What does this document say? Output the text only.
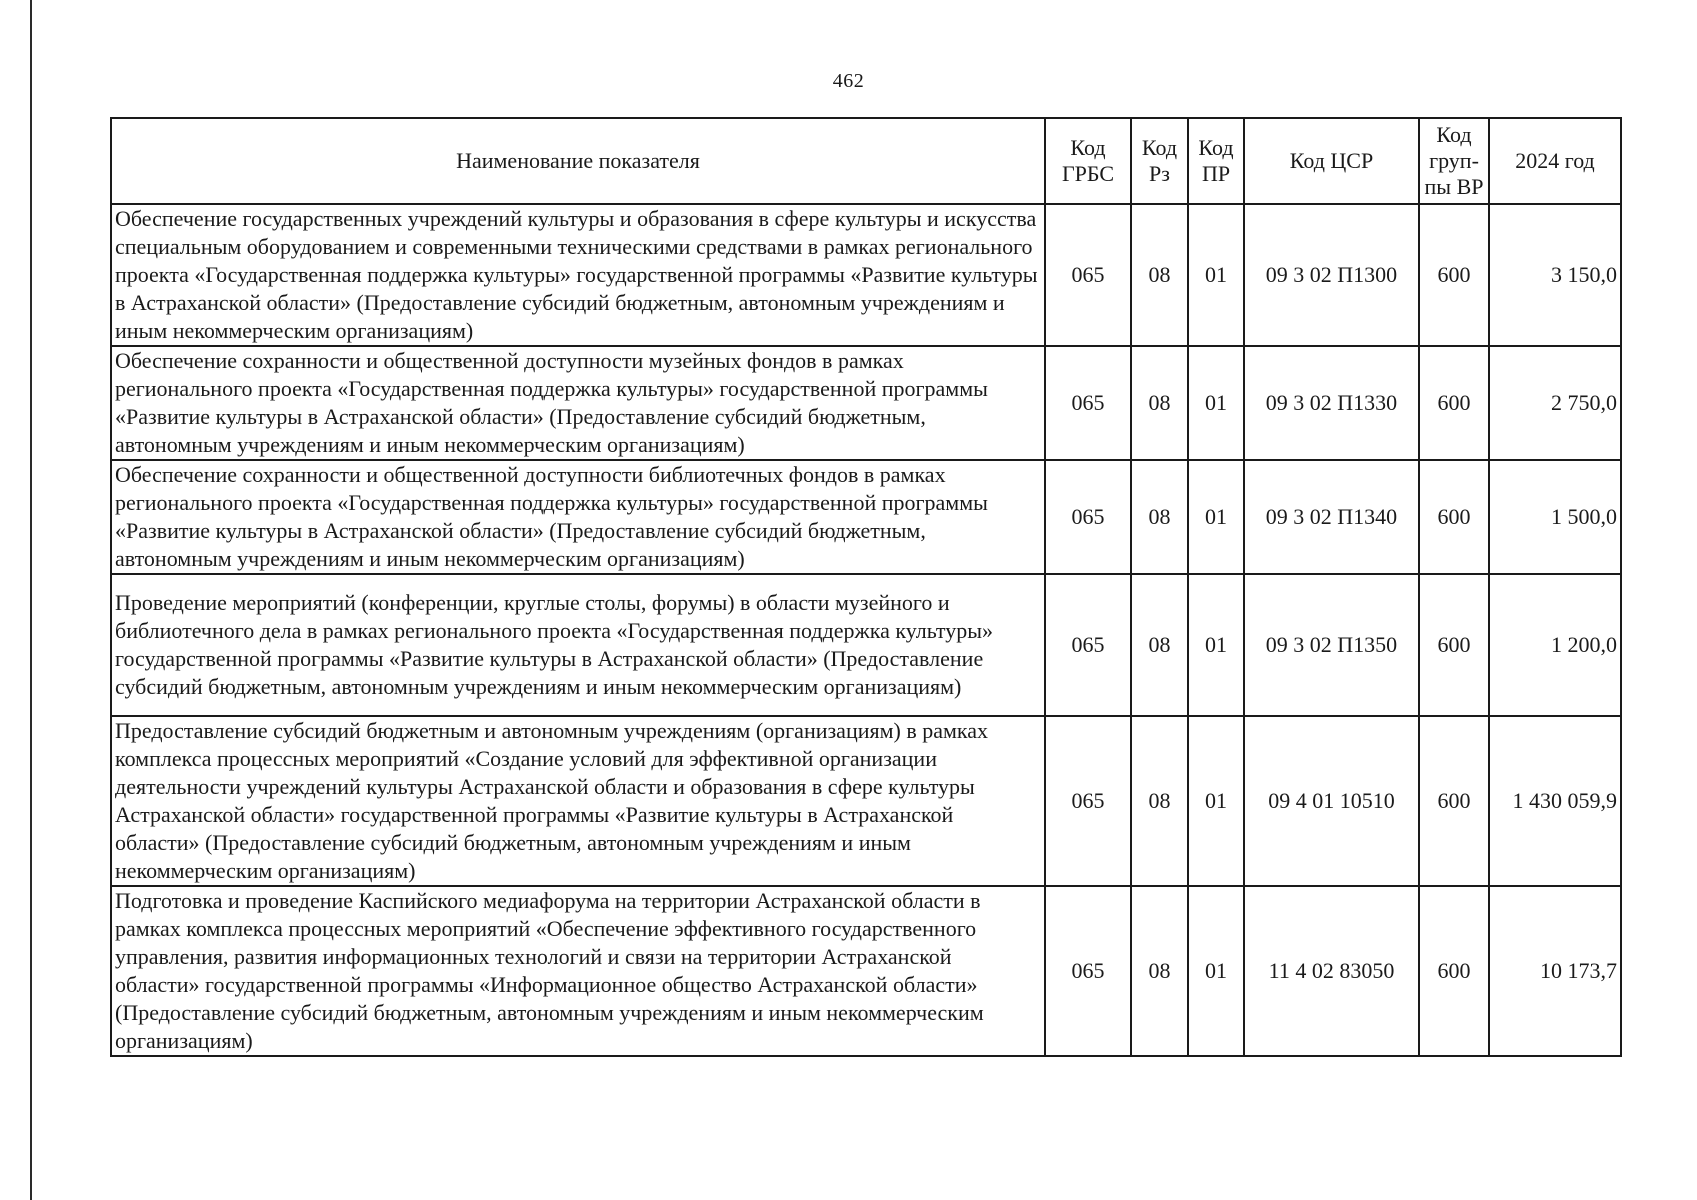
462
Наименование показателя	Код ГРБС	Код Рз	Код ПР	Код ЦСР	Код груп-пы ВР	2024 год
Обеспечение государственных учреждений культуры и образования в сфере культуры и искусства специальным оборудованием и современными техническими средствами в рамках регионального проекта «Государственная поддержка культуры» государственной программы «Развитие культуры в Астраханской области» (Предоставление субсидий бюджетным, автономным учреждениям и иным некоммерческим организациям)	065	08	01	09 3 02 П1300	600	3 150,0
Обеспечение сохранности и общественной доступности музейных фондов в рамках регионального проекта «Государственная поддержка культуры» государственной программы «Развитие культуры в Астраханской области» (Предоставление субсидий бюджетным, автономным учреждениям и иным некоммерческим организациям)	065	08	01	09 3 02 П1330	600	2 750,0
Обеспечение сохранности и общественной доступности библиотечных фондов в рамках регионального проекта «Государственная поддержка культуры» государственной программы «Развитие культуры в Астраханской области» (Предоставление субсидий бюджетным, автономным учреждениям и иным некоммерческим организациям)	065	08	01	09 3 02 П1340	600	1 500,0
Проведение мероприятий (конференции, круглые столы, форумы) в области музейного и библиотечного дела в рамках регионального проекта «Государственная поддержка культуры» государственной программы «Развитие культуры в Астраханской области» (Предоставление субсидий бюджетным, автономным учреждениям и иным некоммерческим организациям)	065	08	01	09 3 02 П1350	600	1 200,0
Предоставление субсидий бюджетным и автономным учреждениям (организациям) в рамках комплекса процессных мероприятий «Создание условий для эффективной организации деятельности учреждений культуры Астраханской области и образования в сфере культуры Астраханской области» государственной программы «Развитие культуры в Астраханской области» (Предоставление субсидий бюджетным, автономным учреждениям и иным некоммерческим организациям)	065	08	01	09 4 01 10510	600	1 430 059,9
Подготовка и проведение Каспийского медиафорума на территории Астраханской области в рамках комплекса процессных мероприятий «Обеспечение эффективного государственного управления, развития информационных технологий и связи на территории Астраханской области» государственной программы «Информационное общество Астраханской области» (Предоставление субсидий бюджетным, автономным учреждениям и иным некоммерческим организациям)	065	08	01	11 4 02 83050	600	10 173,7
